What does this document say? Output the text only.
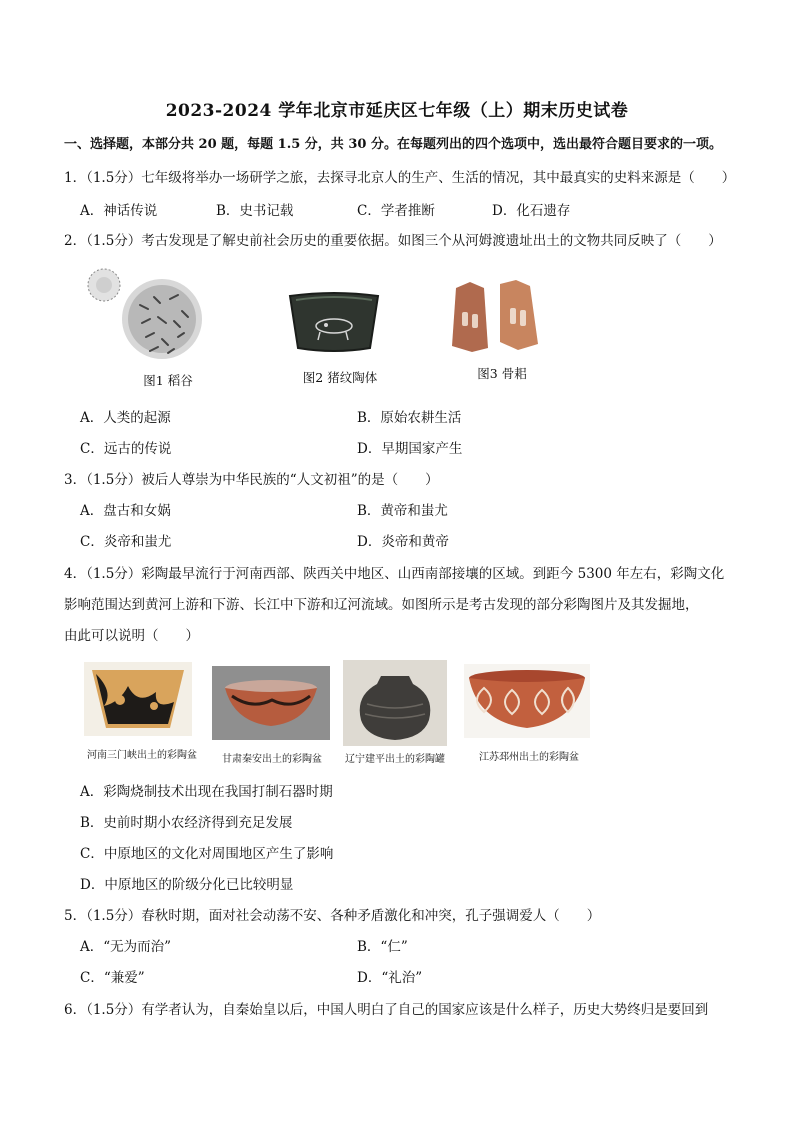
2023-2024 学年北京市延庆区七年级（上）期末历史试卷
一、选择题，本部分共 20 题，每题 1.5 分，共 30 分。在每题列出的四个选项中，选出最符合题目要求的一项。
1．（1.5分）七年级将举办一场研学之旅，去探寻北京人的生产、生活的情况，其中最真实的史料来源是（　　）
A．神话传说	B．史书记载	C．学者推断	D．化石遗存
2．（1.5分）考古发现是了解史前社会历史的重要依据。如图三个从河姆渡遗址出土的文物共同反映了（　　）
图1 稻谷	图2 猪纹陶体	图3 骨耜
A．人类的起源	B．原始农耕生活
C．远古的传说	D．早期国家产生
3．（1.5分）被后人尊崇为中华民族的“人文初祖”的是（　　）
A．盘古和女娲	B．黄帝和蚩尤
C．炎帝和蚩尤	D．炎帝和黄帝
4．（1.5分）彩陶最早流行于河南西部、陕西关中地区、山西南部接壤的区域。到距今 5300 年左右，彩陶文化
影响范围达到黄河上游和下游、长江中下游和辽河流域。如图所示是考古发现的部分彩陶图片及其发掘地，
由此可以说明（　　）
河南三门峡出土的彩陶盆	甘肃秦安出土的彩陶盆	辽宁建平出土的彩陶罐	江苏邳州出土的彩陶盆
A．彩陶烧制技术出现在我国打制石器时期
B．史前时期小农经济得到充足发展
C．中原地区的文化对周围地区产生了影响
D．中原地区的阶级分化已比较明显
5．（1.5分）春秋时期，面对社会动荡不安、各种矛盾激化和冲突，孔子强调爱人（　　）
A．“无为而治”	B．“仁”
C．“兼爱”	D．“礼治”
6．（1.5分）有学者认为，自秦始皇以后，中国人明白了自己的国家应该是什么样子，历史大势终归是要回到
